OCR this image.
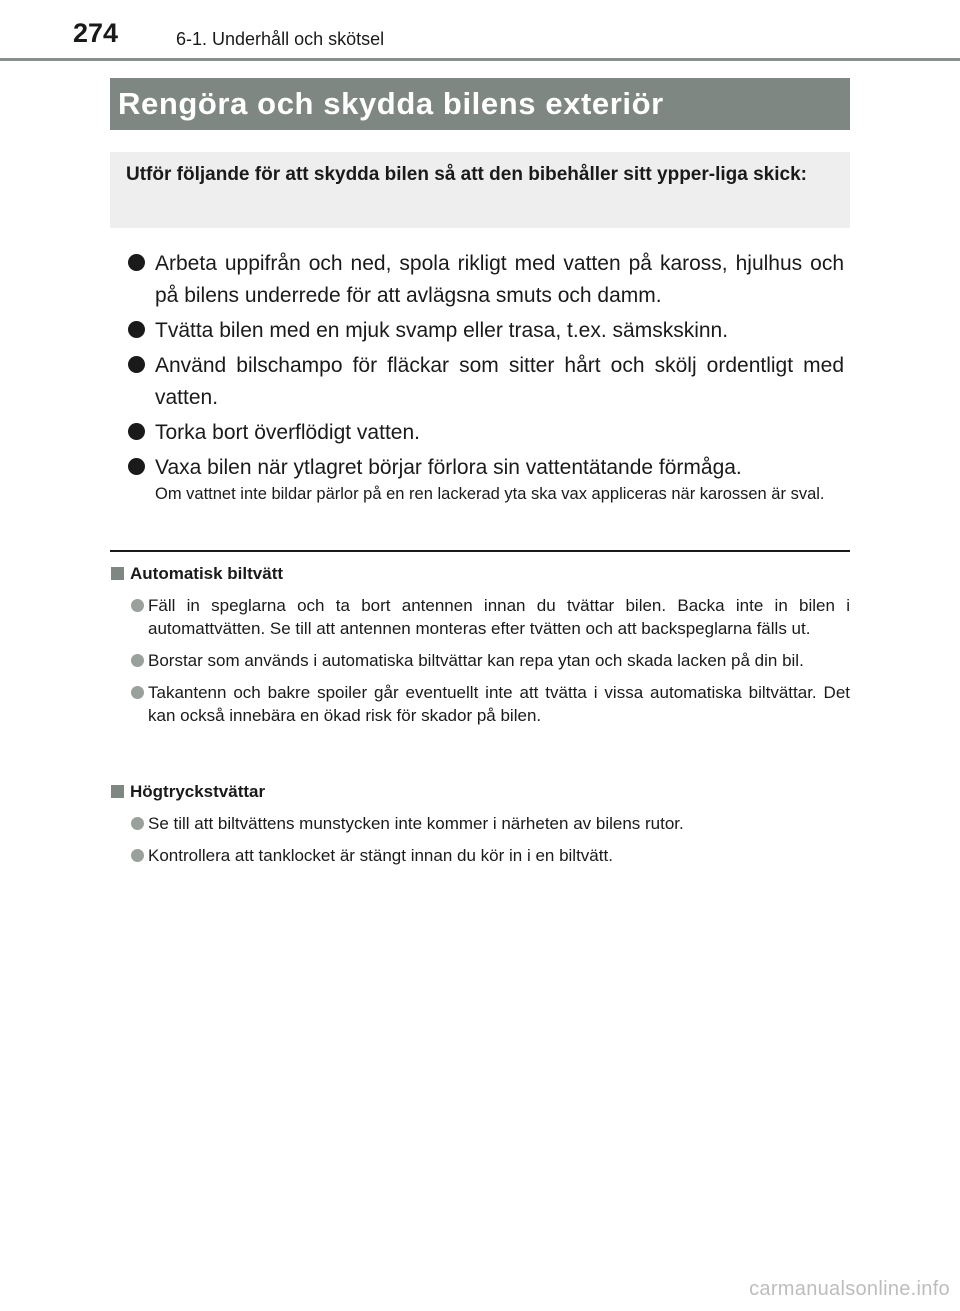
274	6-1. Underhåll och skötsel
Rengöra och skydda bilens exteriör
Utför följande för att skydda bilen så att den bibehåller sitt ypper-liga skick:
Arbeta uppifrån och ned, spola rikligt med vatten på kaross, hjulhus och på bilens underrede för att avlägsna smuts och damm.
Tvätta bilen med en mjuk svamp eller trasa, t.ex. sämskskinn.
Använd bilschampo för fläckar som sitter hårt och skölj ordentligt med vatten.
Torka bort överflödigt vatten.
Vaxa bilen när ytlagret börjar förlora sin vattentätande förmåga.
Om vattnet inte bildar pärlor på en ren lackerad yta ska vax appliceras när karossen är sval.
Automatisk biltvätt
Fäll in speglarna och ta bort antennen innan du tvättar bilen. Backa inte in bilen i automattvätten. Se till att antennen monteras efter tvätten och att backspeglarna fälls ut.
Borstar som används i automatiska biltvättar kan repa ytan och skada lacken på din bil.
Takantenn och bakre spoiler går eventuellt inte att tvätta i vissa automatiska biltvättar. Det kan också innebära en ökad risk för skador på bilen.
Högtryckstvättar
Se till att biltvättens munstycken inte kommer i närheten av bilens rutor.
Kontrollera att tanklocket är stängt innan du kör in i en biltvätt.
carmanualsonline.info
